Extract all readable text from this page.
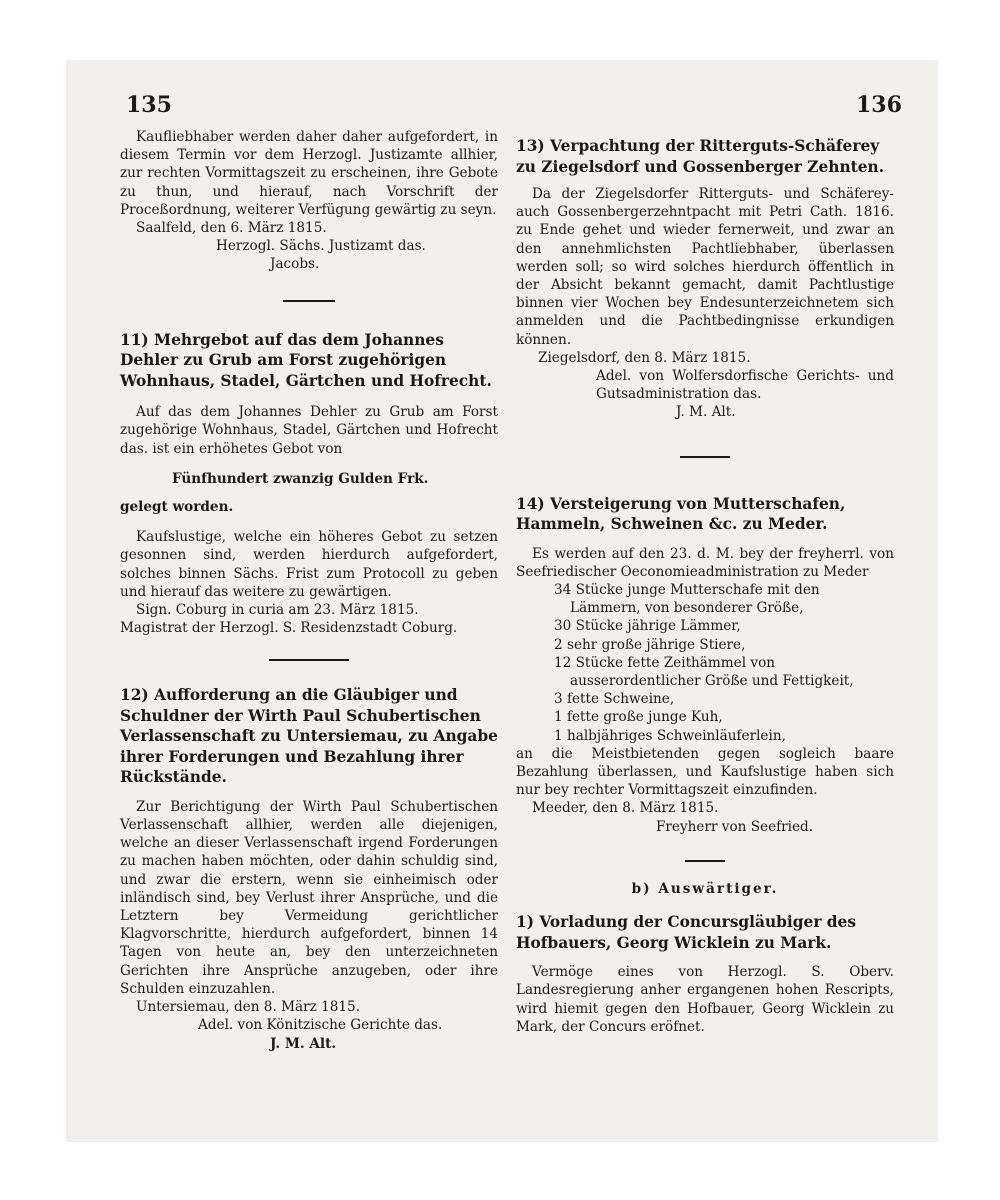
135	136

Kaufliebhaber werden daher daher aufgefordert, in diesem Termin vor dem Herzogl. Justizamte allhier, zur rechten Vormittagszeit zu erscheinen, ihre Gebote zu thun, und hierauf, nach Vorschrift der Proceßordnung, weiterer Verfügung gewärtig zu seyn.

Saalfeld, den 6. März 1815.

Herzogl. Sächs. Justizamt das.

Jacobs.

11) Mehrgebot auf das dem Johannes Dehler zu Grub am Forst zugehörigen Wohnhaus, Stadel, Gärtchen und Hofrecht.

Auf das dem Johannes Dehler zu Grub am Forst zugehörige Wohnhaus, Stadel, Gärtchen und Hofrecht das. ist ein erhöhetes Gebot von

Fünfhundert zwanzig Gulden Frk.

gelegt worden.

Kaufslustige, welche ein höheres Gebot zu setzen gesonnen sind, werden hierdurch aufgefordert, solches binnen Sächs. Frist zum Protocoll zu geben und hierauf das weitere zu gewärtigen.

Sign. Coburg in curia am 23. März 1815.

Magistrat der Herzogl. S. Residenzstadt Coburg.

12) Aufforderung an die Gläubiger und Schuldner der Wirth Paul Schubertischen Verlassenschaft zu Untersiemau, zu Angabe ihrer Forderungen und Bezahlung ihrer Rückstände.

Zur Berichtigung der Wirth Paul Schubertischen Verlassenschaft allhier, werden alle diejenigen, welche an dieser Verlassenschaft irgend Forderungen zu machen haben möchten, oder dahin schuldig sind, und zwar die erstern, wenn sie einheimisch oder inländisch sind, bey Verlust ihrer Ansprüche, und die Letztern bey Vermeidung gerichtlicher Klagvorschritte, hierdurch aufgefordert, binnen 14 Tagen von heute an, bey den unterzeichneten Gerichten ihre Ansprüche anzugeben, oder ihre Schulden einzuzahlen.

Untersiemau, den 8. März 1815.

Adel. von Könitzische Gerichte das.

J. M. Alt.

13) Verpachtung der Ritterguts-Schäferey zu Ziegelsdorf und Gossenberger Zehnten.

Da der Ziegelsdorfer Ritterguts- und Schäferey- auch Gossenbergerzehntpacht mit Petri Cath. 1816. zu Ende gehet und wieder fernerweit, und zwar an den annehmlichsten Pachtliebhaber, überlassen werden soll; so wird solches hierdurch öffentlich in der Absicht bekannt gemacht, damit Pachtlustige binnen vier Wochen bey Endesunterzeichnetem sich anmelden und die Pachtbedingnisse erkundigen können.

Ziegelsdorf, den 8. März 1815.

Adel. von Wolfersdorfische Gerichts- und Gutsadministration das.

J. M. Alt.

14) Versteigerung von Mutterschafen, Hammeln, Schweinen &c. zu Meder.

Es werden auf den 23. d. M. bey der freyherrl. von Seefriedischer Oeconomieadministration zu Meder

34 Stücke junge Mutterschafe mit den Lämmern, von besonderer Größe,
30 Stücke jährige Lämmer,
2 sehr große jährige Stiere,
12 Stücke fette Zeithämmel von ausserordentlicher Größe und Fettigkeit,
3 fette Schweine,
1 fette große junge Kuh,
1 halbjähriges Schweinläuferlein,

an die Meistbietenden gegen sogleich baare Bezahlung überlassen, und Kaufslustige haben sich nur bey rechter Vormittagszeit einzufinden.

Meeder, den 8. März 1815.

Freyherr von Seefried.

b) Auswärtiger.

1) Vorladung der Concursgläubiger des Hofbauers, Georg Wicklein zu Mark.

Vermöge eines von Herzogl. S. Oberv. Landesregierung anher ergangenen hohen Rescripts, wird hiemit gegen den Hofbauer, Georg Wicklein zu Mark, der Concurs eröfnet.
